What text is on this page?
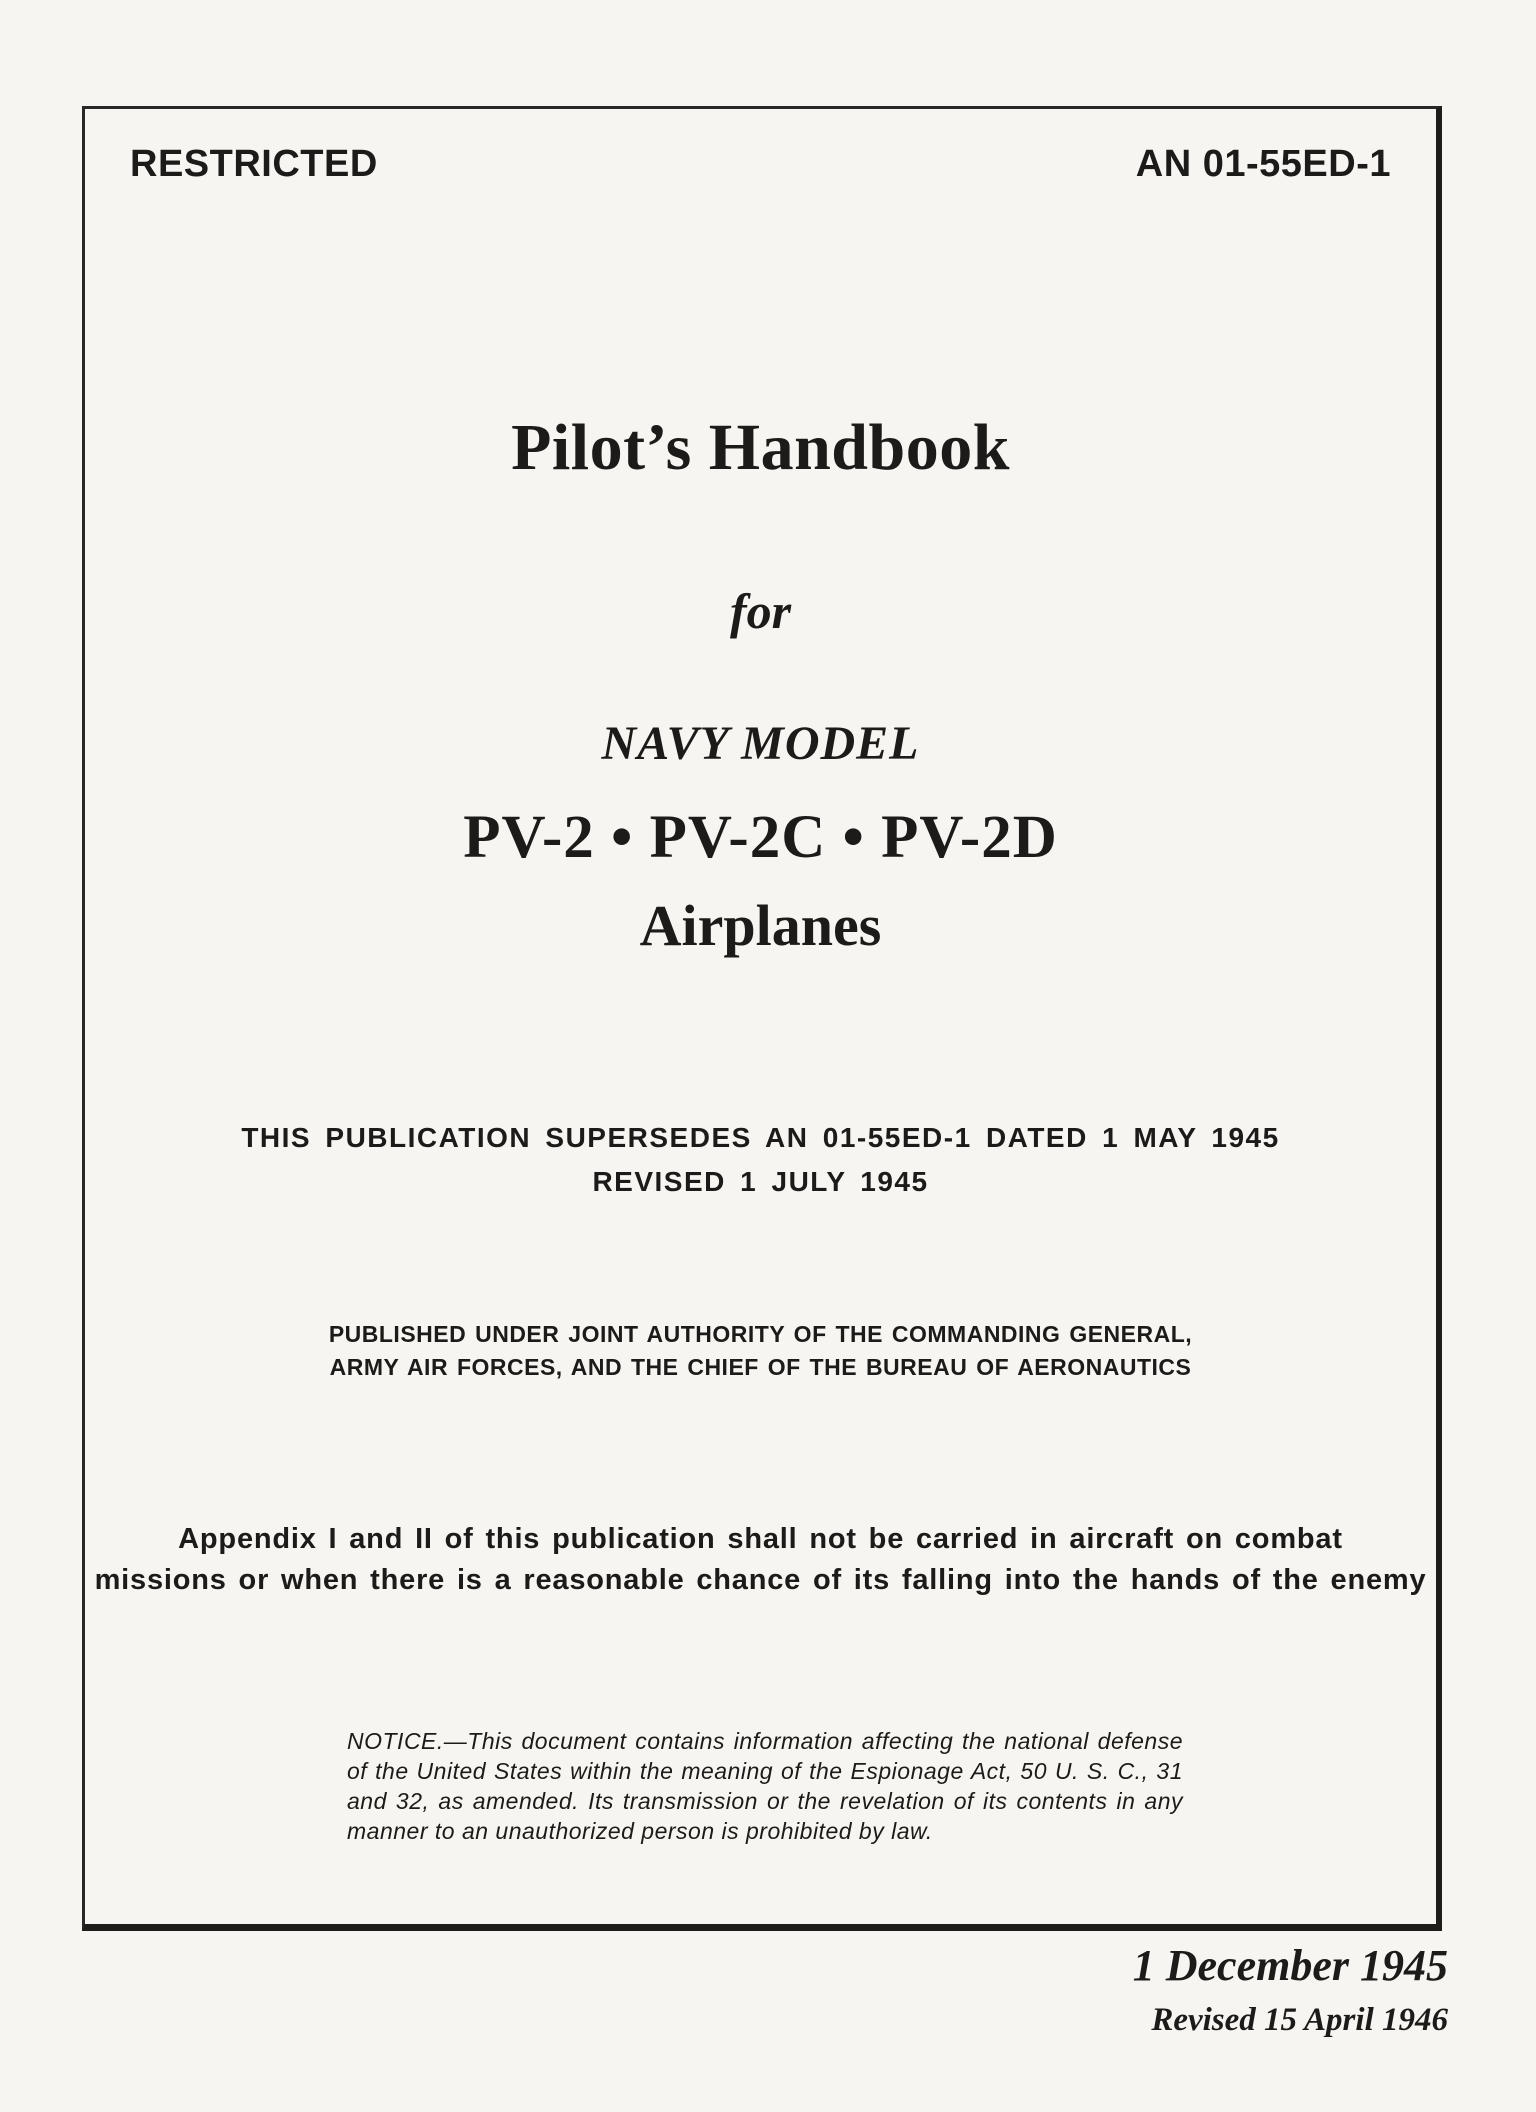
RESTRICTED	AN 01-55ED-1
Pilot’s Handbook
for
NAVY MODEL
PV-2 • PV-2C • PV-2D
Airplanes
THIS PUBLICATION SUPERSEDES AN 01-55ED-1 DATED 1 MAY 1945
REVISED 1 JULY 1945
PUBLISHED UNDER JOINT AUTHORITY OF THE COMMANDING GENERAL,
ARMY AIR FORCES, AND THE CHIEF OF THE BUREAU OF AERONAUTICS
Appendix I and II of this publication shall not be carried in aircraft on combat
missions or when there is a reasonable chance of its falling into the hands of the enemy

NOTICE.—This document contains information affecting the national defense of the United States within the meaning of the Espionage Act, 50 U. S. C., 31 and 32, as amended. Its transmission or the revelation of its contents in any manner to an unauthorized person is prohibited by law.

1 December 1945
Revised 15 April 1946
